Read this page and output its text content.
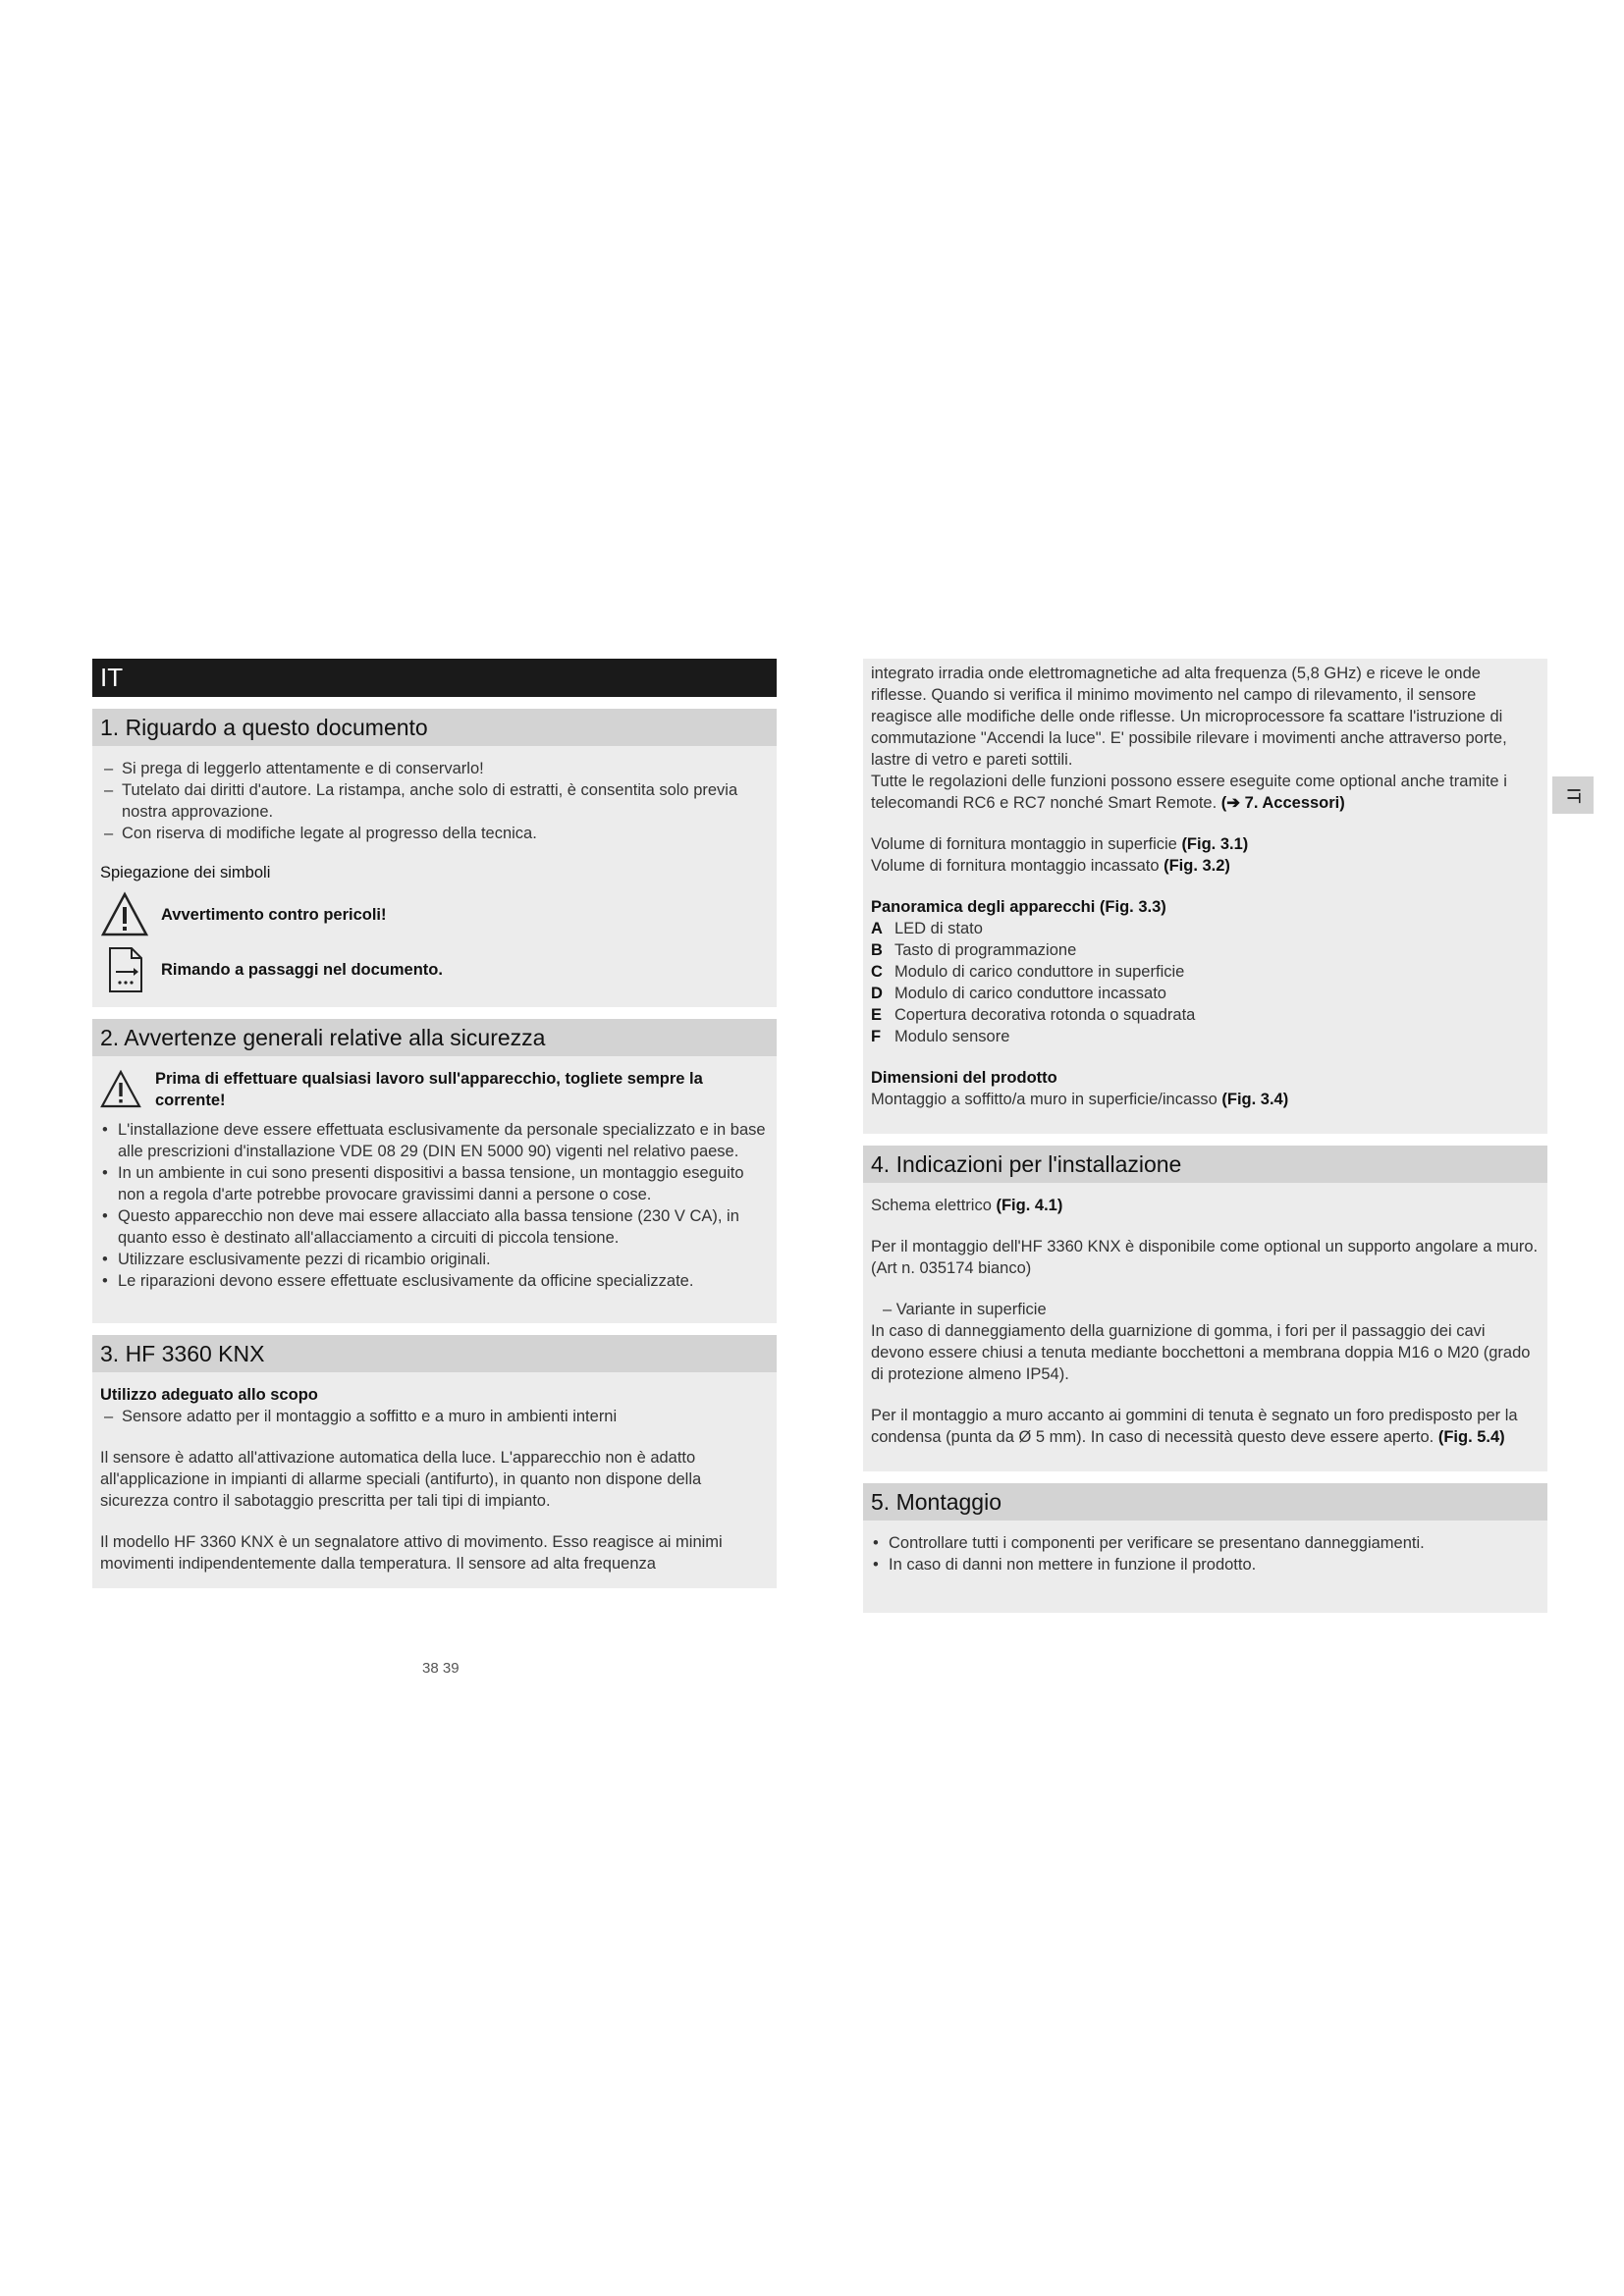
IT
1. Riguardo a questo documento
– Si prega di leggerlo attentamente e di conservarlo!
– Tutelato dai diritti d'autore. La ristampa, anche solo di estratti, è consentita solo previa nostra approvazione.
– Con riserva di modifiche legate al progresso della tecnica.

Spiegazione dei simboli

Avvertimento contro pericoli!
Rimando a passaggi nel documento.
2. Avvertenze generali relative alla sicurezza
Prima di effettuare qualsiasi lavoro sull'apparecchio, togliete sempre la corrente!
• L'installazione deve essere effettuata esclusivamente da personale specializzato e in base alle prescrizioni d'installazione VDE 08 29 (DIN EN 5000 90) vigenti nel relativo paese.
• In un ambiente in cui sono presenti dispositivi a bassa tensione, un montaggio eseguito non a regola d'arte potrebbe provocare gravissimi danni a persone o cose.
• Questo apparecchio non deve mai essere allacciato alla bassa tensione (230 V CA), in quanto esso è destinato all'allacciamento a circuiti di piccola tensione.
• Utilizzare esclusivamente pezzi di ricambio originali.
• Le riparazioni devono essere effettuate esclusivamente da officine specializzate.
3. HF 3360 KNX

Utilizzo adeguato allo scopo

– Sensore adatto per il montaggio a soffitto e a muro in ambienti interni

Il sensore è adatto all'attivazione automatica della luce. L'apparecchio non è adatto all'applicazione in impianti di allarme speciali (antifurto), in quanto non dispone della sicurezza contro il sabotaggio prescritta per tali tipi di impianto.

Il modello HF 3360 KNX è un segnalatore attivo di movimento. Esso reagisce ai minimi movimenti indipendentemente dalla temperatura. Il sensore ad alta frequenza

38 39

integrato irradia onde elettromagnetiche ad alta frequenza (5,8 GHz) e riceve le onde riflesse. Quando si verifica il minimo movimento nel campo di rilevamento, il sensore reagisce alle modifiche delle onde riflesse. Un microprocessore fa scattare l'istruzione di commutazione "Accendi la luce". E' possibile rilevare i movimenti anche attraverso porte, lastre di vetro e pareti sottili.

Tutte le regolazioni delle funzioni possono essere eseguite come optional anche tramite i telecomandi RC6 e RC7 nonché Smart Remote. (➔ 7. Accessori)

Volume di fornitura montaggio in superficie (Fig. 3.1)

Volume di fornitura montaggio incassato (Fig. 3.2)

Panoramica degli apparecchi (Fig. 3.3)

A LED di stato
B Tasto di programmazione
C Modulo di carico conduttore in superficie
D Modulo di carico conduttore incassato
E Copertura decorativa rotonda o squadrata
F Modulo sensore

Dimensioni del prodotto

Montaggio a soffitto/a muro in superficie/incasso (Fig. 3.4)

4. Indicazioni per l'installazione

Schema elettrico (Fig. 4.1)

Per il montaggio dell'HF 3360 KNX è disponibile come optional un supporto angolare a muro. (Art n. 035174 bianco)

– Variante in superficie

In caso di danneggiamento della guarnizione di gomma, i fori per il passaggio dei cavi devono essere chiusi a tenuta mediante bocchettoni a membrana doppia M16 o M20 (grado di protezione almeno IP54).

Per il montaggio a muro accanto ai gommini di tenuta è segnato un foro predisposto per la condensa (punta da Ø 5 mm). In caso di necessità questo deve essere aperto. (Fig. 5.4)

5. Montaggio
• Controllare tutti i componenti per verificare se presentano danneggiamenti.
• In caso di danni non mettere in funzione il prodotto.
IT
